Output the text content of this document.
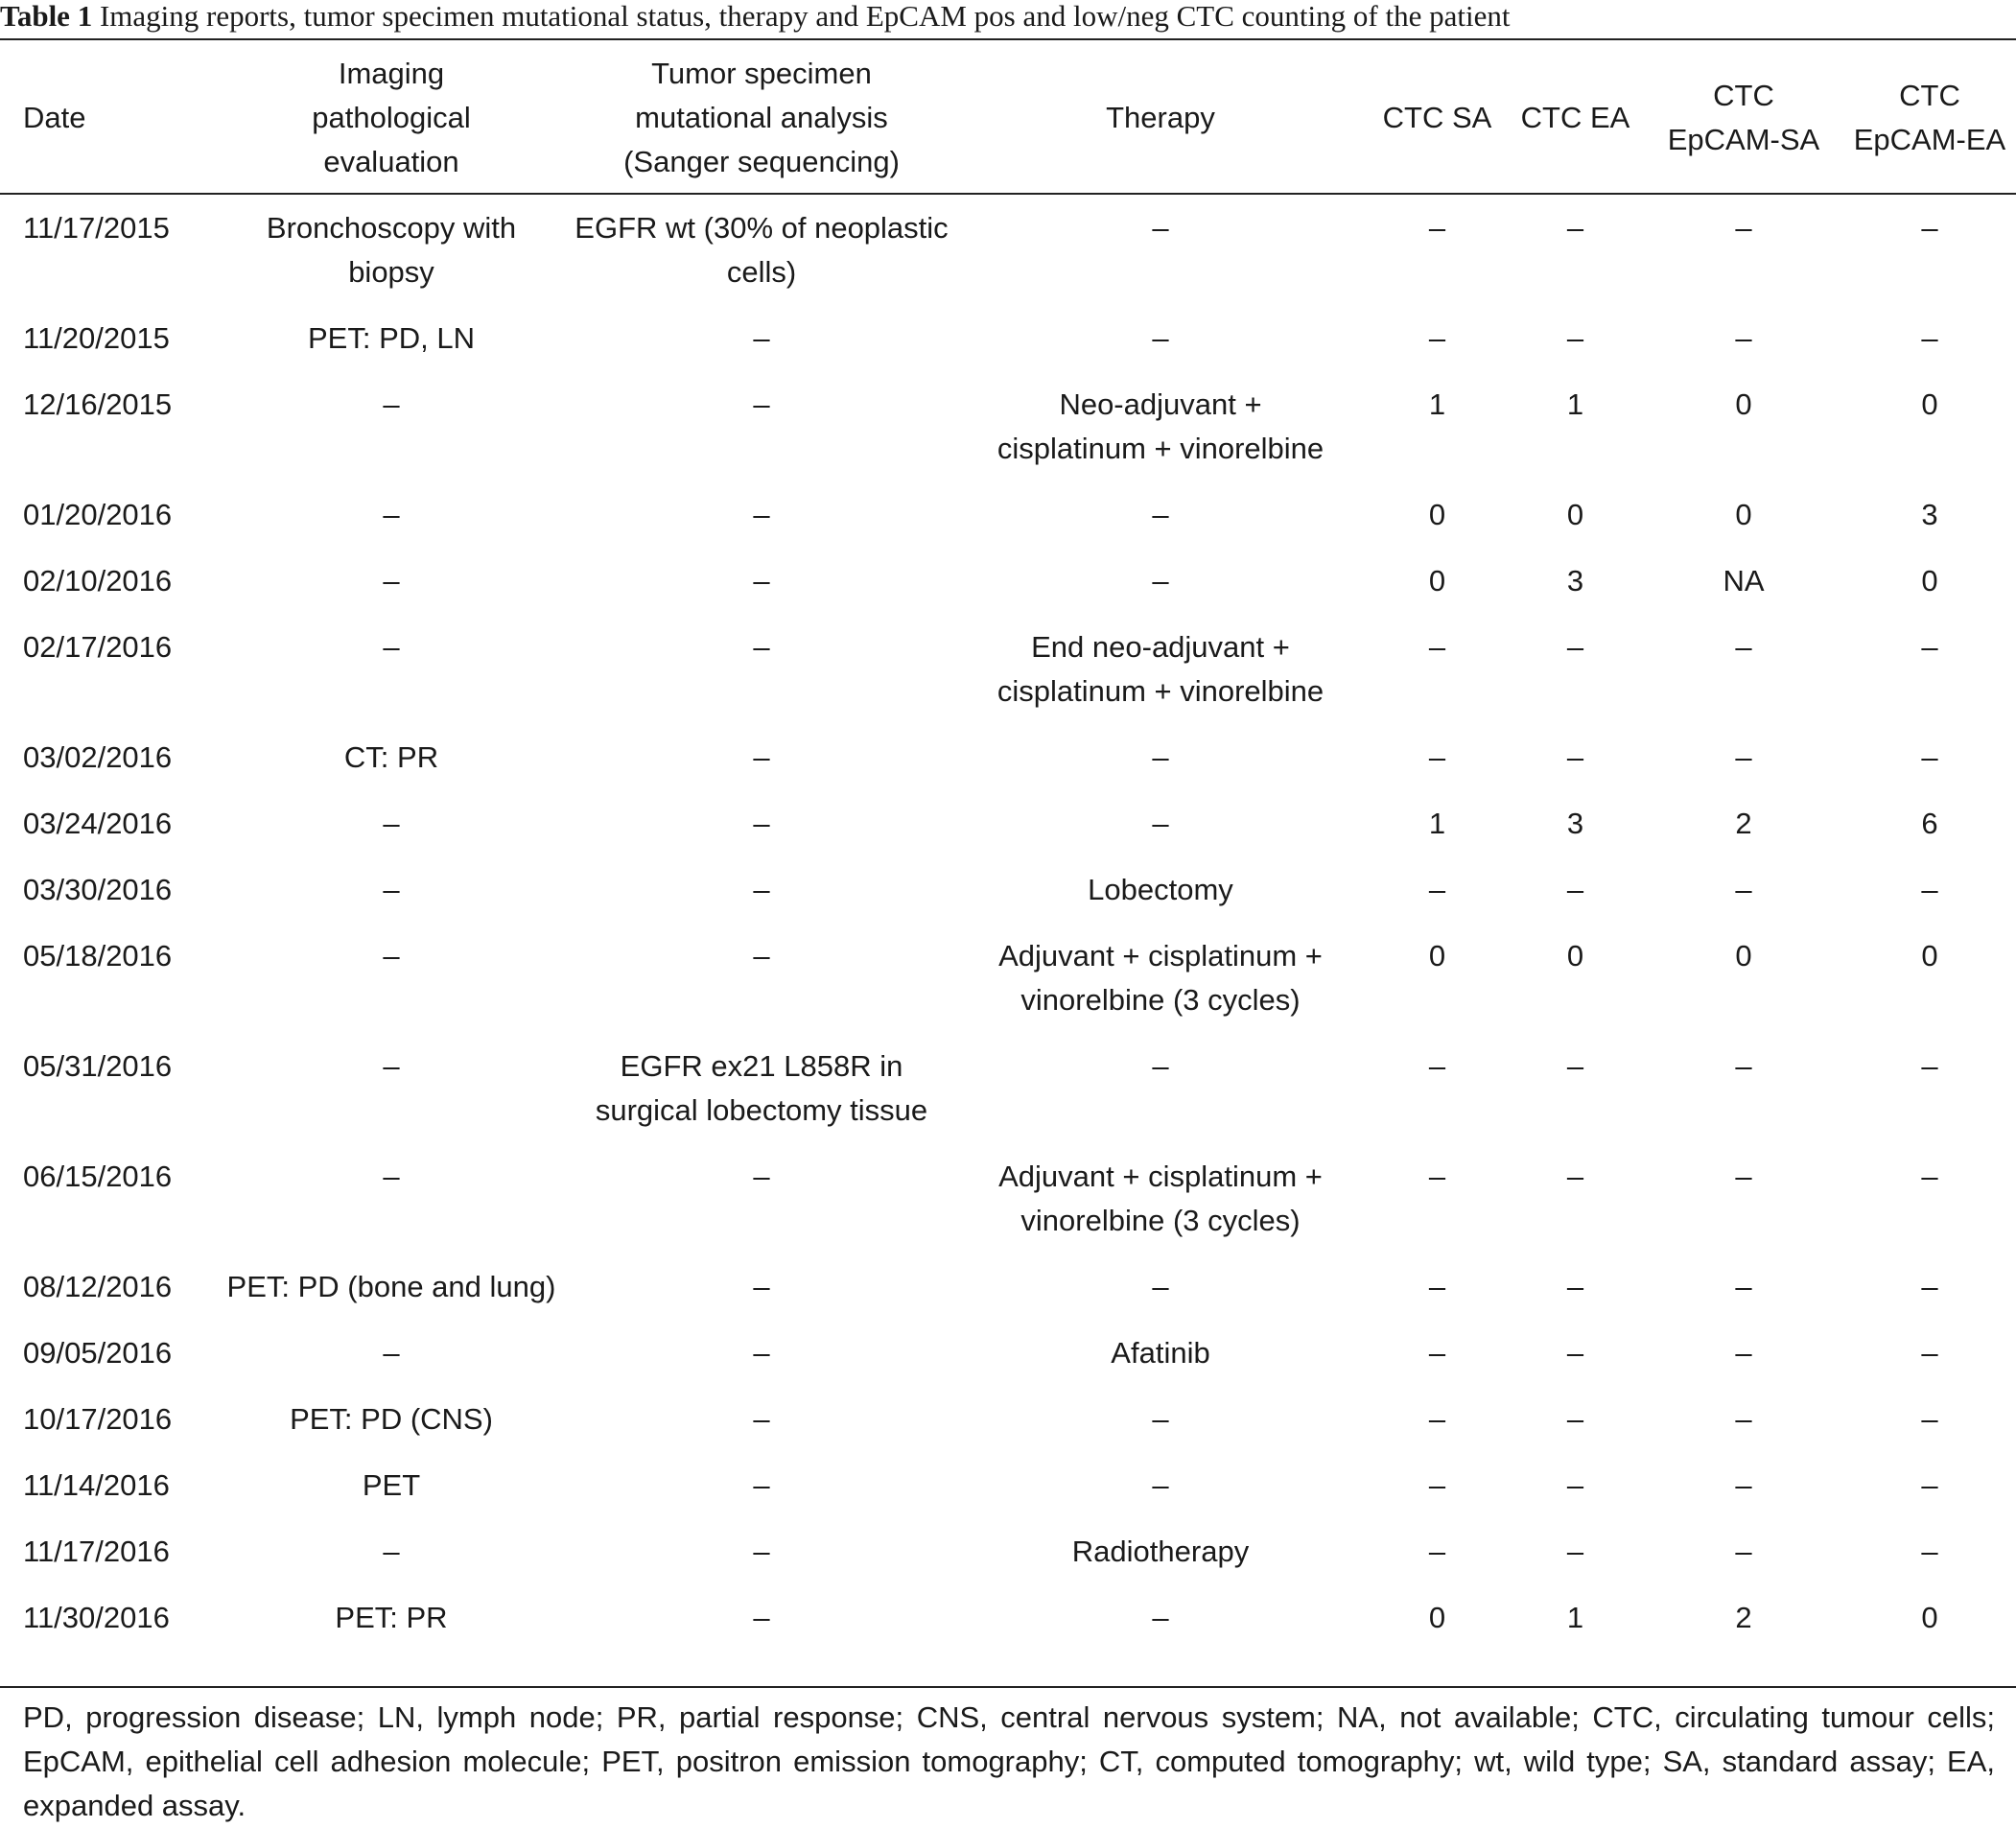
Table 1 Imaging reports, tumor specimen mutational status, therapy and EpCAM pos and low/neg CTC counting of the patient
Date	Imaging pathological evaluation	Tumor specimen mutational analysis (Sanger sequencing)	Therapy	CTC SA	CTC EA	CTC EpCAM-SA	CTC EpCAM-EA
11/17/2015	Bronchoscopy with biopsy	EGFR wt (30% of neoplastic cells)	–	–	–	–	–
11/20/2015	PET: PD, LN	–	–	–	–	–	–
12/16/2015	–	–	Neo-adjuvant + cisplatinum + vinorelbine	1	1	0	0
01/20/2016	–	–	–	0	0	0	3
02/10/2016	–	–	–	0	3	NA	0
02/17/2016	–	–	End neo-adjuvant + cisplatinum + vinorelbine	–	–	–	–
03/02/2016	CT: PR	–	–	–	–	–	–
03/24/2016	–	–	–	1	3	2	6
03/30/2016	–	–	Lobectomy	–	–	–	–
05/18/2016	–	–	Adjuvant + cisplatinum + vinorelbine (3 cycles)	0	0	0	0
05/31/2016	–	EGFR ex21 L858R in surgical lobectomy tissue	–	–	–	–	–
06/15/2016	–	–	Adjuvant + cisplatinum + vinorelbine (3 cycles)	–	–	–	–
08/12/2016	PET: PD (bone and lung)	–	–	–	–	–	–
09/05/2016	–	–	Afatinib	–	–	–	–
10/17/2016	PET: PD (CNS)	–	–	–	–	–	–
11/14/2016	PET	–	–	–	–	–	–
11/17/2016	–	–	Radiotherapy	–	–	–	–
11/30/2016	PET: PR	–	–	0	1	2	0
PD, progression disease; LN, lymph node; PR, partial response; CNS, central nervous system; NA, not available; CTC, circulating tumour cells; EpCAM, epithelial cell adhesion molecule; PET, positron emission tomography; CT, computed tomography; wt, wild type; SA, standard assay; EA, expanded assay.
